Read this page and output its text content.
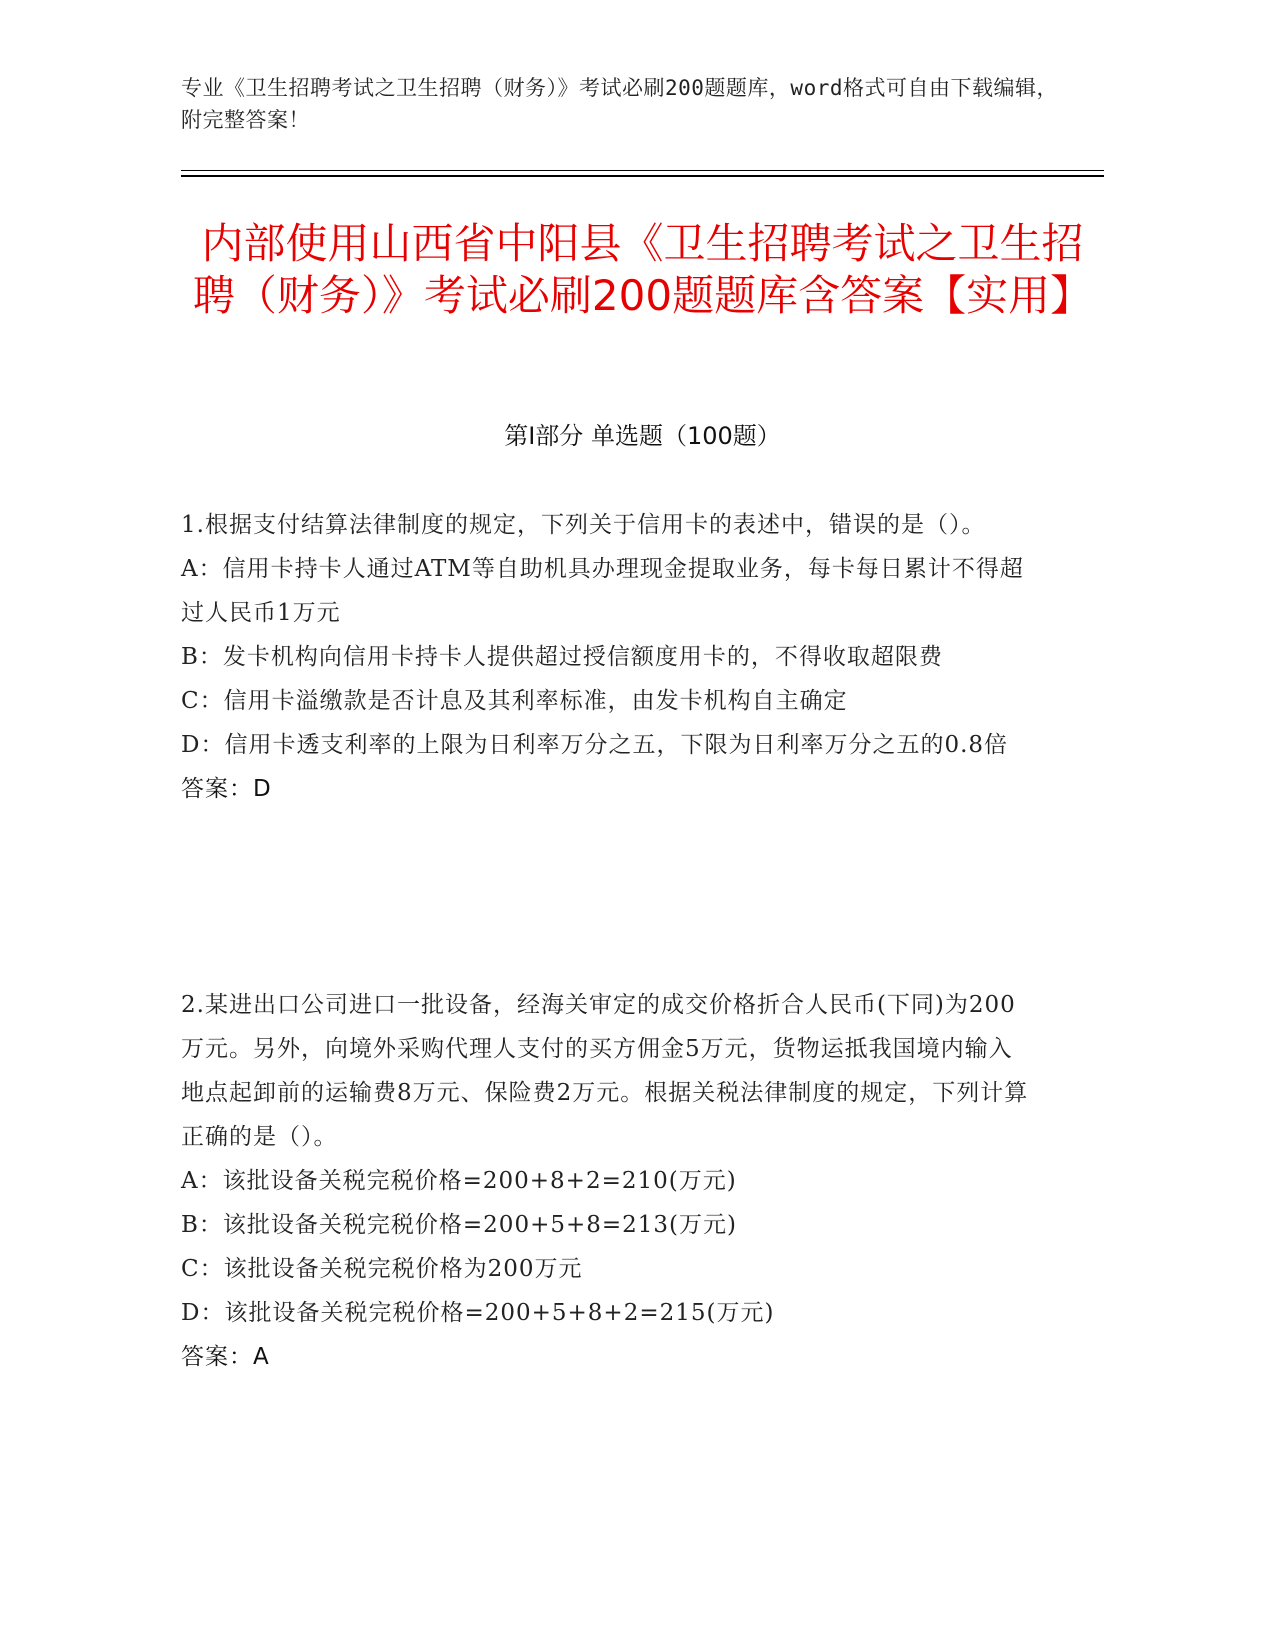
专业《卫生招聘考试之卫生招聘（财务）》考试必刷200题题库，word格式可自由下载编辑，附完整答案！
内部使用山西省中阳县《卫生招聘考试之卫生招聘（财务）》考试必刷200题题库含答案【实用】
第Ⅰ部分 单选题（100题）

1.根据支付结算法律制度的规定，下列关于信用卡的表述中，错误的是（）。

A：信用卡持卡人通过ATM等自助机具办理现金提取业务，每卡每日累计不得超过人民币1万元

B：发卡机构向信用卡持卡人提供超过授信额度用卡的，不得收取超限费

C：信用卡溢缴款是否计息及其利率标准，由发卡机构自主确定

D：信用卡透支利率的上限为日利率万分之五，下限为日利率万分之五的0.8倍

答案：D

2.某进出口公司进口一批设备，经海关审定的成交价格折合人民币(下同)为200万元。另外，向境外采购代理人支付的买方佣金5万元，货物运抵我国境内输入地点起卸前的运输费8万元、保险费2万元。根据关税法律制度的规定，下列计算正确的是（）。

A：该批设备关税完税价格=200+8+2=210(万元)

B：该批设备关税完税价格=200+5+8=213(万元)

C：该批设备关税完税价格为200万元

D：该批设备关税完税价格=200+5+8+2=215(万元)

答案：A
